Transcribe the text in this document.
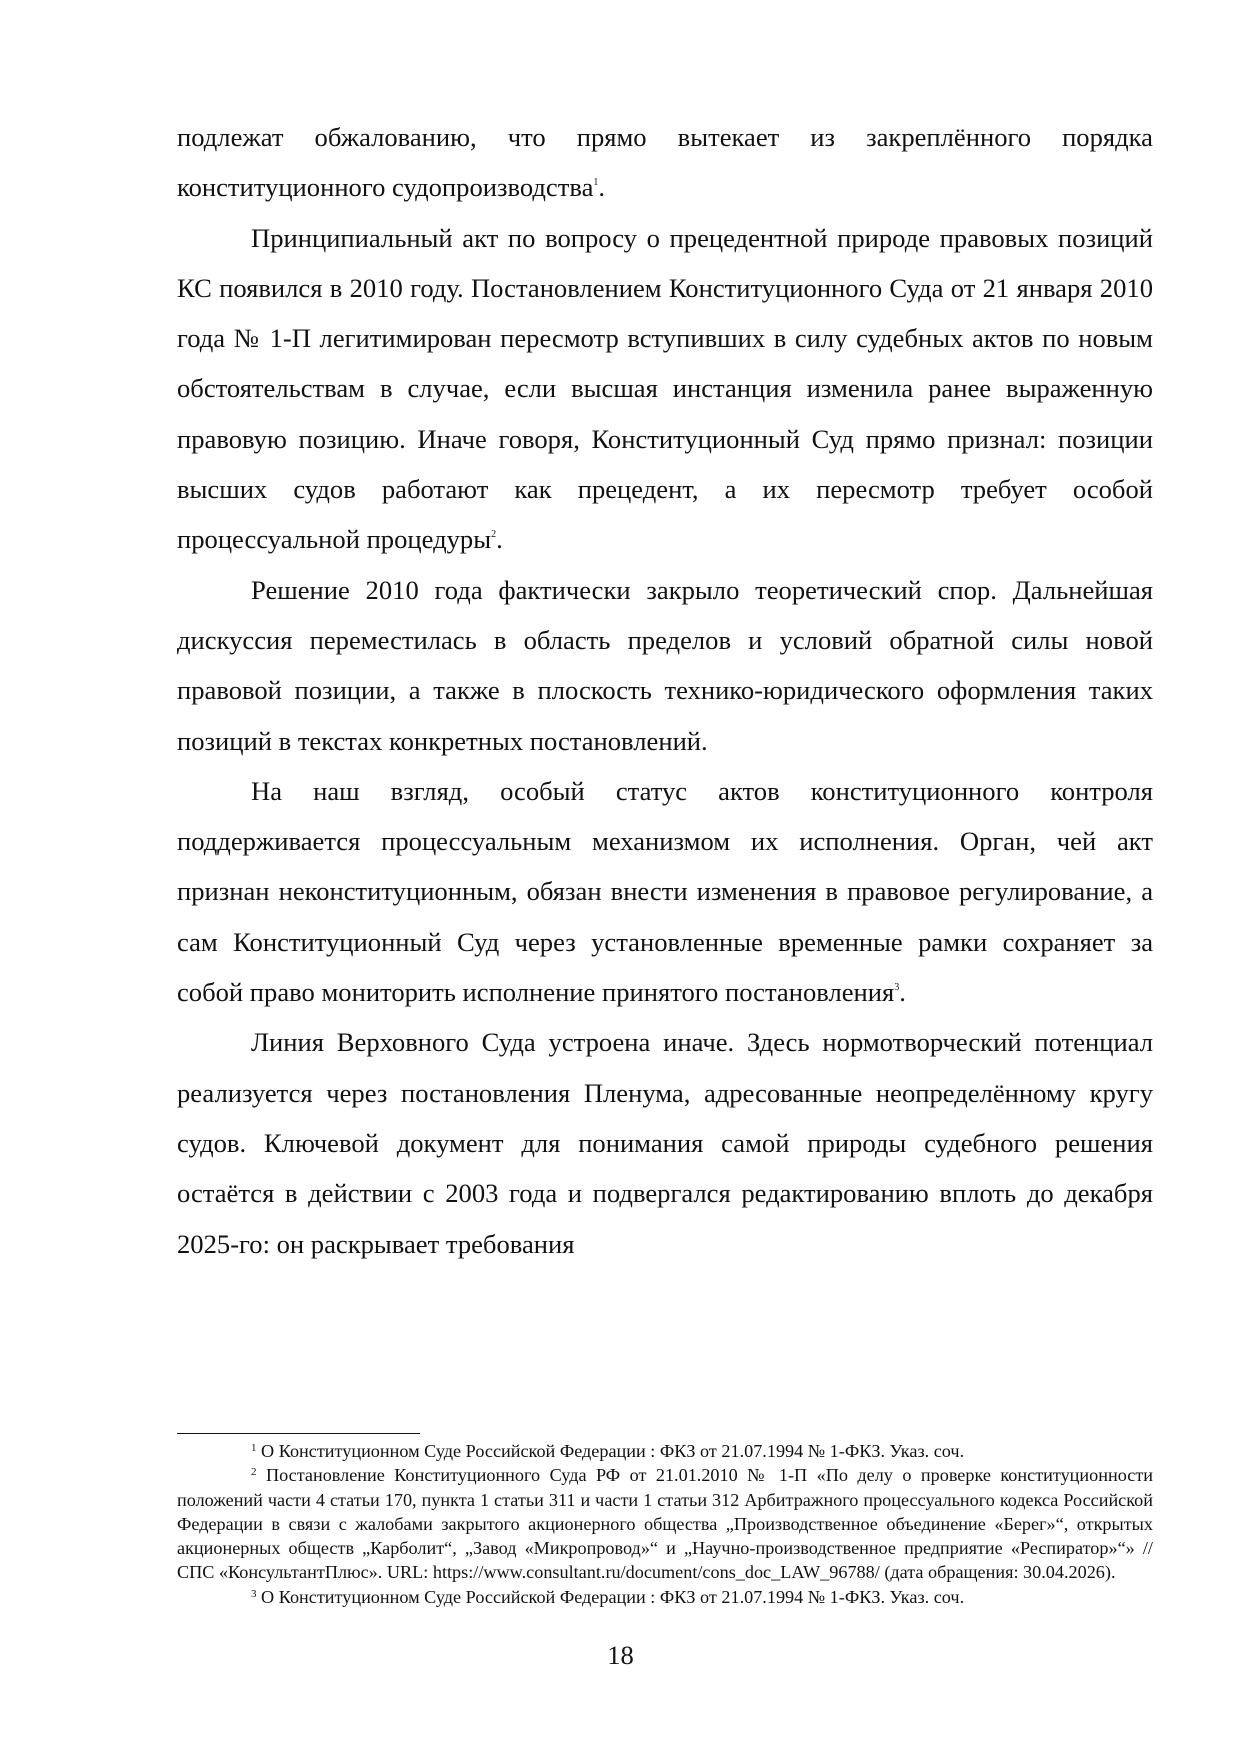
подлежат обжалованию, что прямо вытекает из закреплённого порядка конституционного судопроизводства$^1$.

Принципиальный акт по вопросу о прецедентной природе правовых позиций КС появился в 2010 году. Постановлением Конституционного Суда от 21 января 2010 года № 1-П легитимирован пересмотр вступивших в силу судебных актов по новым обстоятельствам в случае, если высшая инстанция изменила ранее выраженную правовую позицию. Иначе говоря, Конституционный Суд прямо признал: позиции высших судов работают как прецедент, а их пересмотр требует особой процессуальной процедуры$^2$.

Решение 2010 года фактически закрыло теоретический спор. Дальнейшая дискуссия переместилась в область пределов и условий обратной силы новой правовой позиции, а также в плоскость технико-юридического оформления таких позиций в текстах конкретных постановлений.

На наш взгляд, особый статус актов конституционного контроля поддерживается процессуальным механизмом их исполнения. Орган, чей акт признан неконституционным, обязан внести изменения в правовое регулирование, а сам Конституционный Суд через установленные временные рамки сохраняет за собой право мониторить исполнение принятого постановления$^3$.

Линия Верховного Суда устроена иначе. Здесь нормотворческий потенциал реализуется через постановления Пленума, адресованные неопределённому кругу судов. Ключевой документ для понимания самой природы судебного решения остаётся в действии с 2003 года и подвергался редактированию вплоть до декабря 2025-го: он раскрывает требования

$^1$ О Конституционном Суде Российской Федерации : ФКЗ от 21.07.1994 № 1-ФКЗ. Указ. соч.

$^2$ Постановление Конституционного Суда РФ от 21.01.2010 № 1-П «По делу о проверке конституционности положений части 4 статьи 170, пункта 1 статьи 311 и части 1 статьи 312 Арбитражного процессуального кодекса Российской Федерации в связи с жалобами закрытого акционерного общества „Производственное объединение «Берег»“, открытых акционерных обществ „Карболит“, „Завод «Микропровод»“ и „Научно-производственное предприятие «Респиратор»“» // СПС «КонсультантПлюс». URL: https://www.consultant.ru/document/cons_doc_LAW_96788/ (дата обращения: 30.04.2026).

$^3$ О Конституционном Суде Российской Федерации : ФКЗ от 21.07.1994 № 1-ФКЗ. Указ. соч.

18
